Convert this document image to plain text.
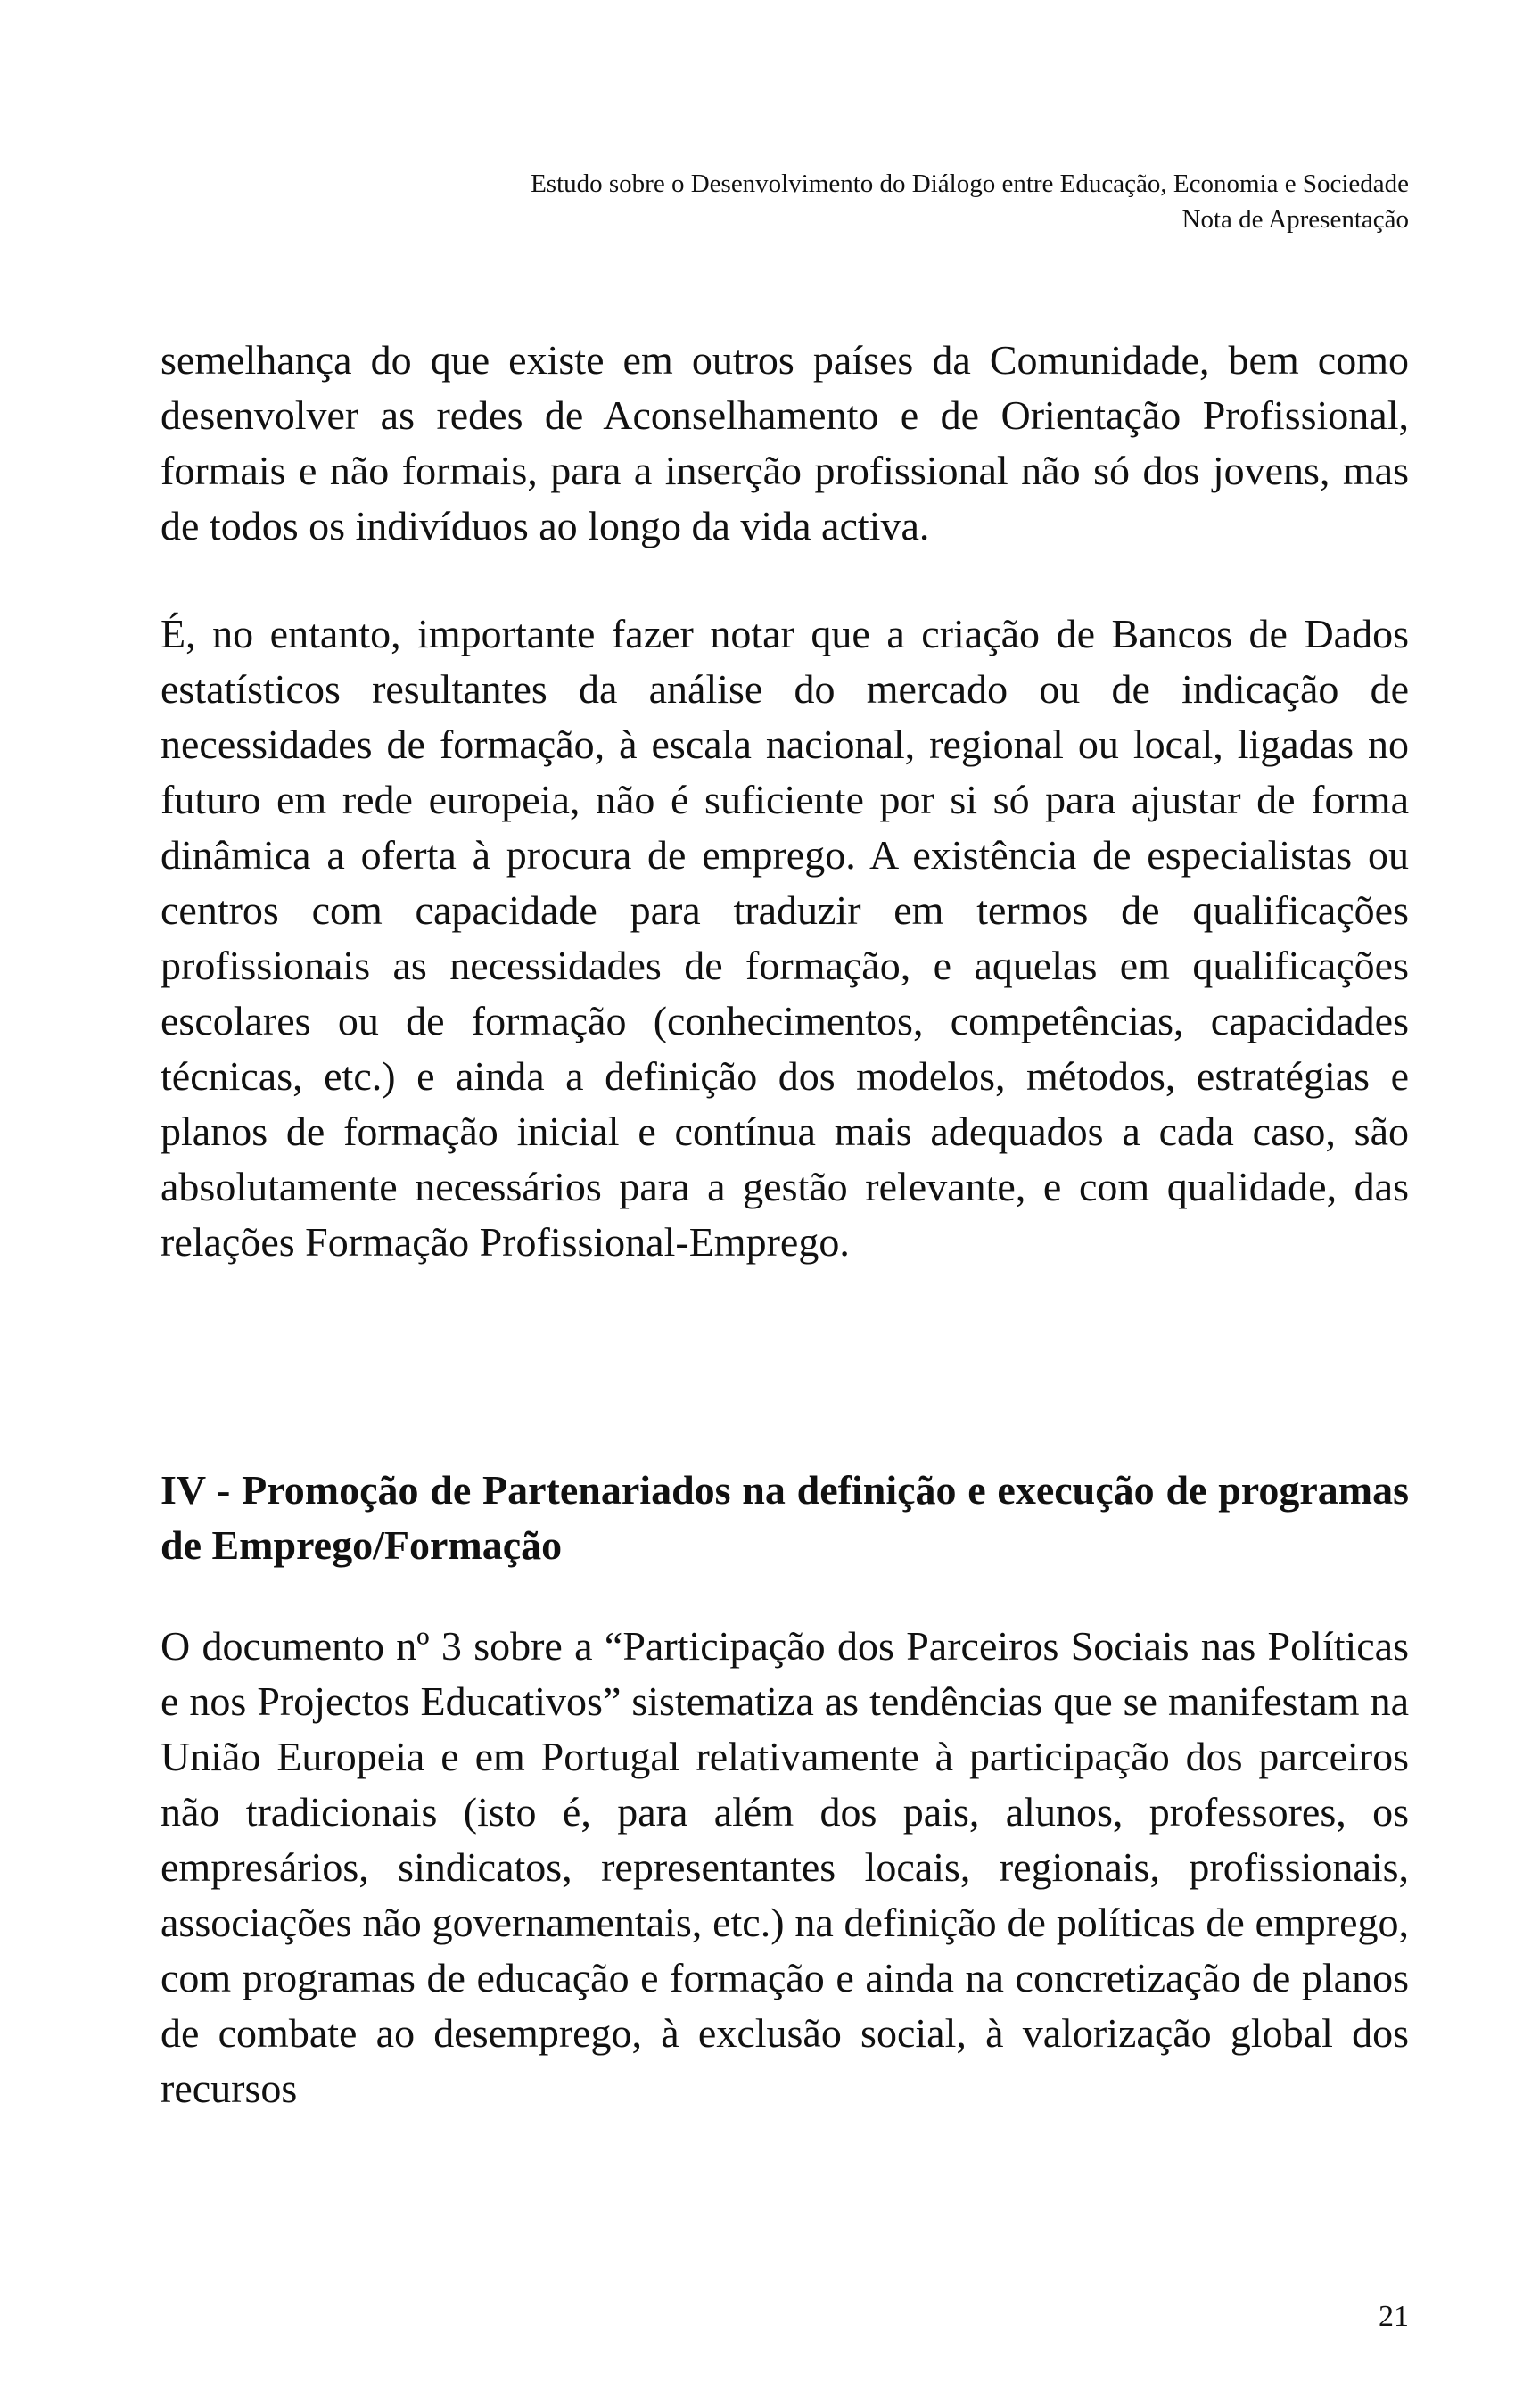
Estudo sobre o Desenvolvimento do Diálogo entre Educação, Economia e Sociedade
Nota de Apresentação

semelhança do que existe em outros países da Comunidade, bem como desenvolver as redes de Aconselhamento e de Orientação Profissional, formais e não formais, para a inserção profissional não só dos jovens, mas de todos os indivíduos ao longo da vida activa.

É, no entanto, importante fazer notar que a criação de Bancos de Dados estatísticos resultantes da análise do mercado ou de indicação de necessidades de formação, à escala nacional, regional ou local, ligadas no futuro em rede europeia, não é suficiente por si só para ajustar de forma dinâmica a oferta à procura de emprego. A existência de especialistas ou centros com capacidade para traduzir em termos de qualificações profissionais as necessidades de formação, e aquelas em qualificações escolares ou de formação (conhecimentos, competências, capacidades técnicas, etc.) e ainda a definição dos modelos, métodos, estratégias e planos de formação inicial e contínua mais adequados a cada caso, são absolutamente necessários para a gestão relevante, e com qualidade, das relações Formação Profissional-Emprego.

IV - Promoção de Partenariados na definição e execução de programas de Emprego/Formação

O documento nº 3 sobre a “Participação dos Parceiros Sociais nas Políticas e nos Projectos Educativos” sistematiza as tendências que se manifestam na União Europeia e em Portugal relativamente à participação dos parceiros não tradicionais (isto é, para além dos pais, alunos, professores, os empresários, sindicatos, representantes locais, regionais, profissionais, associações não governamentais, etc.) na definição de políticas de emprego, com programas de educação e formação e ainda na concretização de planos de combate ao desemprego, à exclusão social, à valorização global dos recursos

21
